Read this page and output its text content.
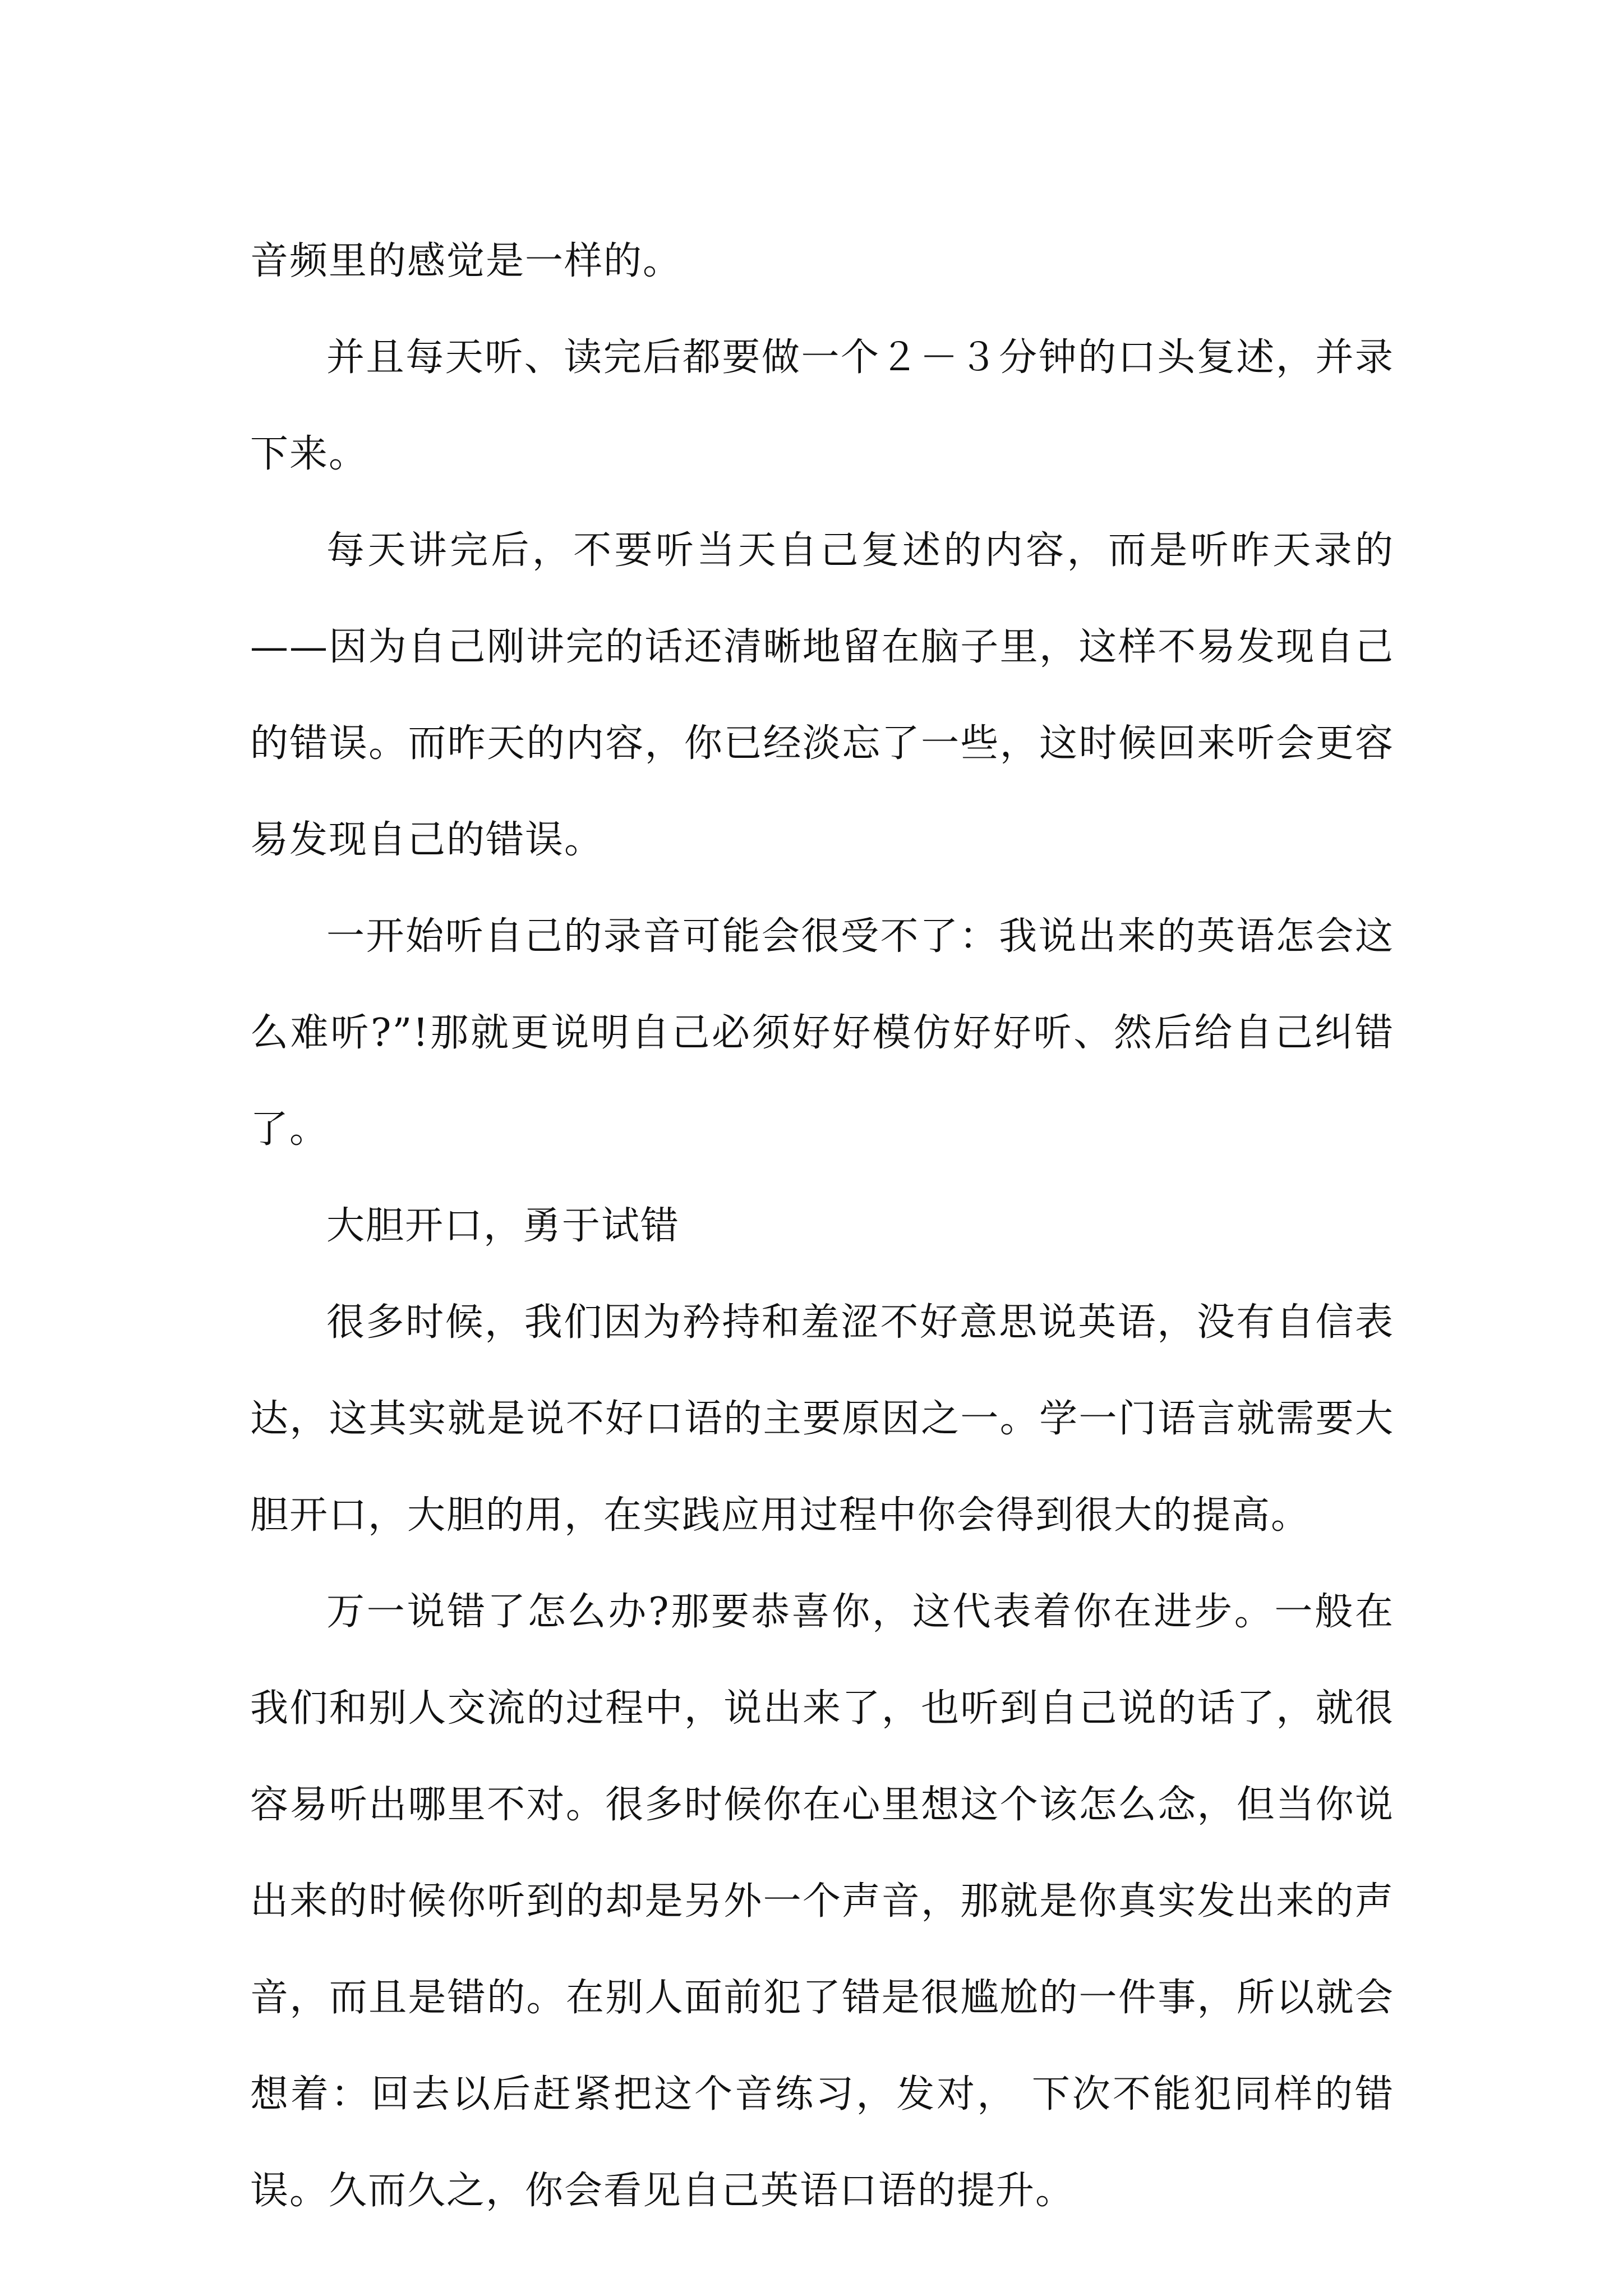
音频里的感觉是一样的。

并且每天听、读完后都要做一个２－３分钟的口头复述，并录下来。

每天讲完后，不要听当天自己复述的内容，而是听昨天录的——因为自己刚讲完的话还清晰地留在脑子里，这样不易发现自己的错误。而昨天的内容，你已经淡忘了一些，这时候回来听会更容易发现自己的错误。

一开始听自己的录音可能会很受不了：我说出来的英语怎会这么难听?”!那就更说明自己必须好好模仿好好听、然后给自己纠错了。

大胆开口，勇于试错

很多时候，我们因为矜持和羞涩不好意思说英语，没有自信表达，这其实就是说不好口语的主要原因之一。学一门语言就需要大胆开口，大胆的用，在实践应用过程中你会得到很大的提高。

万一说错了怎么办?那要恭喜你，这代表着你在进步。一般在我们和别人交流的过程中，说出来了，也听到自己说的话了，就很容易听出哪里不对。很多时候你在心里想这个该怎么念，但当你说出来的时候你听到的却是另外一个声音，那就是你真实发出来的声音，而且是错的。在别人面前犯了错是很尴尬的一件事，所以就会想着：回去以后赶紧把这个音练习，发对， 下次不能犯同样的错误。久而久之，你会看见自己英语口语的提升。
